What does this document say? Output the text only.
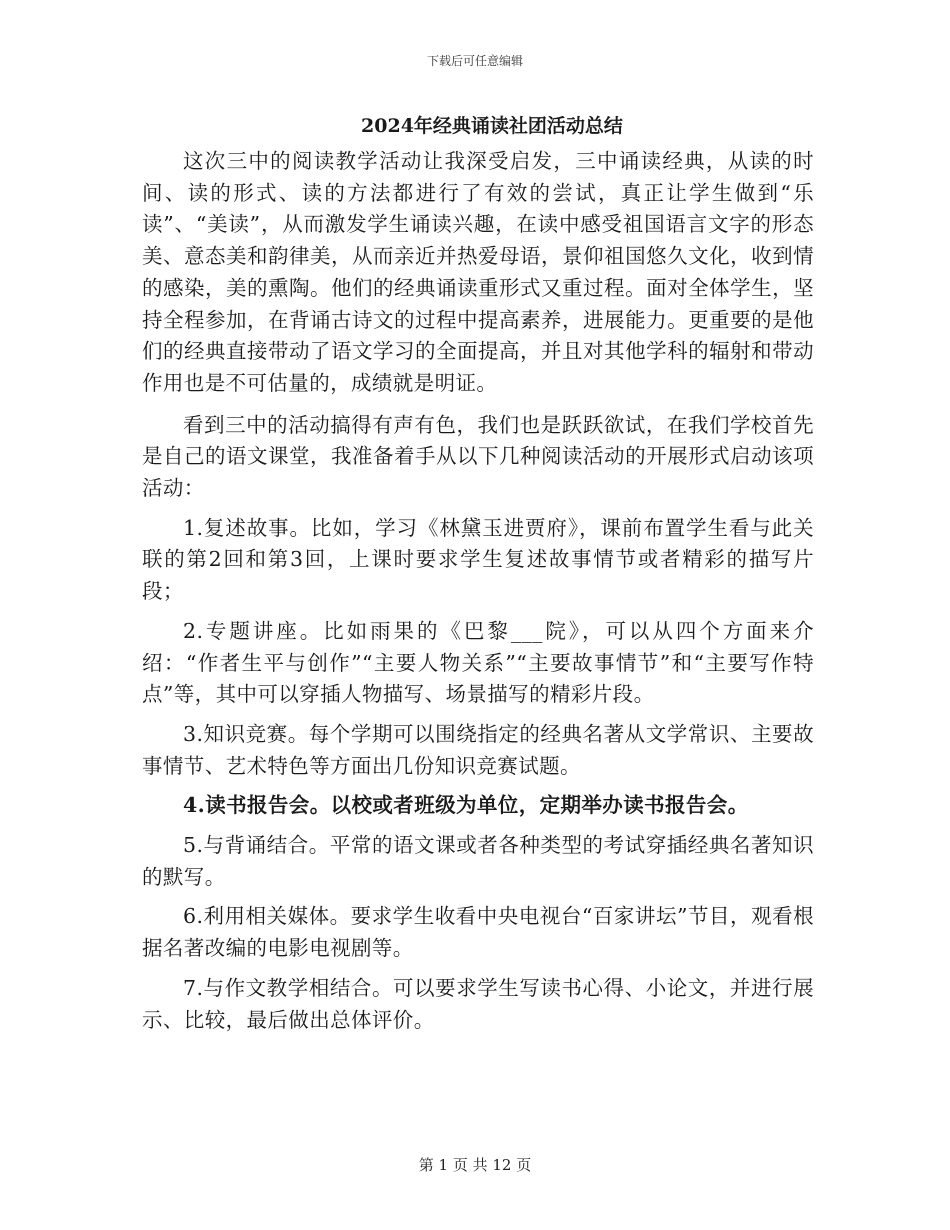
下载后可任意编辑
2024年经典诵读社团活动总结

这次三中的阅读教学活动让我深受启发，三中诵读经典，从读的时间、读的形式、读的方法都进行了有效的尝试，真正让学生做到“乐读”、“美读”，从而激发学生诵读兴趣，在读中感受祖国语言文字的形态美、意态美和韵律美，从而亲近并热爱母语，景仰祖国悠久文化，收到情的感染，美的熏陶。他们的经典诵读重形式又重过程。面对全体学生，坚持全程参加，在背诵古诗文的过程中提高素养，进展能力。更重要的是他们的经典直接带动了语文学习的全面提高，并且对其他学科的辐射和带动作用也是不可估量的，成绩就是明证。

看到三中的活动搞得有声有色，我们也是跃跃欲试，在我们学校首先是自己的语文课堂，我准备着手从以下几种阅读活动的开展形式启动该项活动：

1.复述故事。比如，学习《林黛玉进贾府》，课前布置学生看与此关联的第2回和第3回，上课时要求学生复述故事情节或者精彩的描写片段；

2.专题讲座。比如雨果的《巴黎___院》，可以从四个方面来介绍：“作者生平与创作”“主要人物关系”“主要故事情节”和“主要写作特点”等，其中可以穿插人物描写、场景描写的精彩片段。

3.知识竞赛。每个学期可以围绕指定的经典名著从文学常识、主要故事情节、艺术特色等方面出几份知识竞赛试题。

4.读书报告会。以校或者班级为单位，定期举办读书报告会。

5.与背诵结合。平常的语文课或者各种类型的考试穿插经典名著知识的默写。

6.利用相关媒体。要求学生收看中央电视台“百家讲坛”节目，观看根据名著改编的电影电视剧等。

7.与作文教学相结合。可以要求学生写读书心得、小论文，并进行展示、比较，最后做出总体评价。

第 1 页 共 12 页
